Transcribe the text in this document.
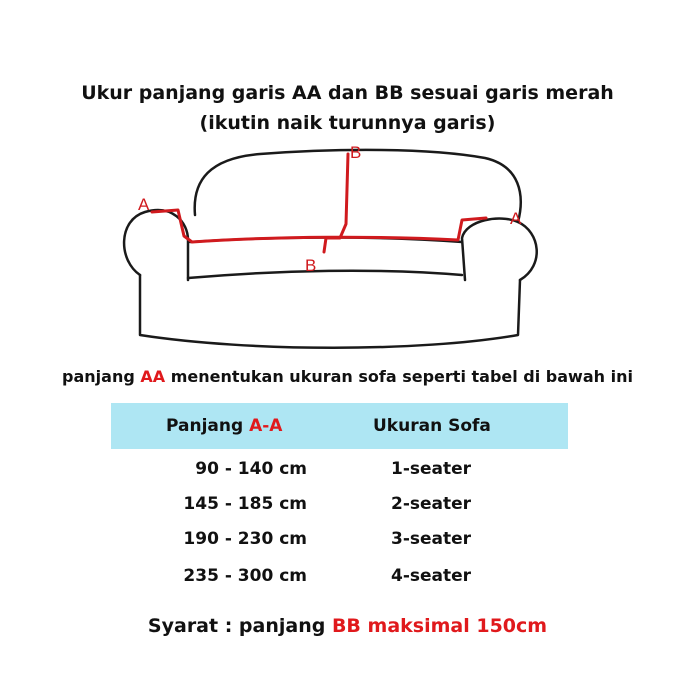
Ukur panjang garis AA dan BB sesuai garis merah
(ikutin naik turunnya garis)
A
A
B
B
panjang AA menentukan ukuran sofa seperti tabel di bawah ini
Panjang A-A	Ukuran Sofa
90 - 140 cm	1-seater
145 - 185 cm	2-seater
190 - 230 cm	3-seater
235 - 300 cm	4-seater
Syarat : panjang BB maksimal 150cm
